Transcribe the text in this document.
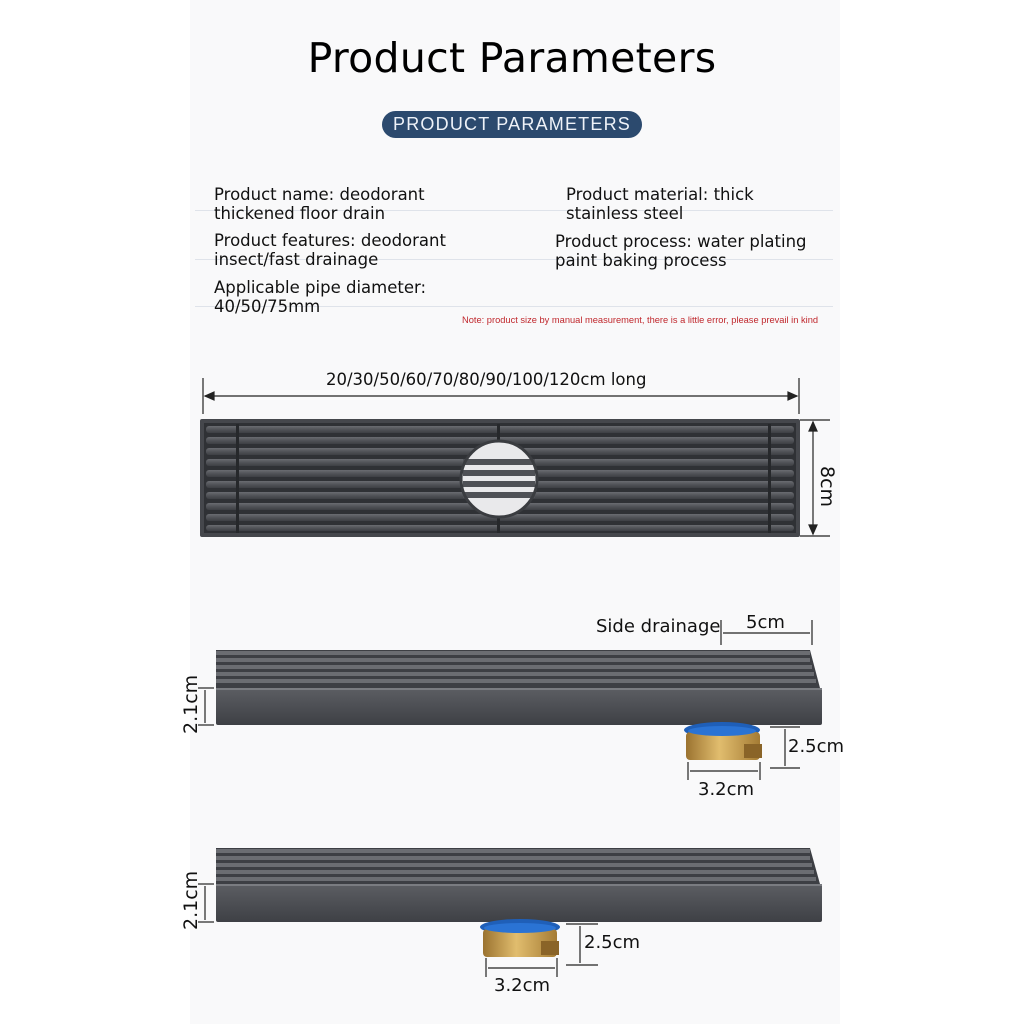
Product Parameters
PRODUCT PARAMETERS
Product name: deodorant
thickened floor drain
Product material: thick
stainless steel
Product features: deodorant
insect/fast drainage
Product process: water plating
paint baking process
Applicable pipe diameter:
40/50/75mm
Note: product size by manual measurement, there is a little error, please prevail in kind
20/30/50/60/70/80/90/100/120cm long
8cm
Side drainage 5cm
2.1cm
2.5cm
3.2cm
2.1cm
2.5cm
3.2cm
